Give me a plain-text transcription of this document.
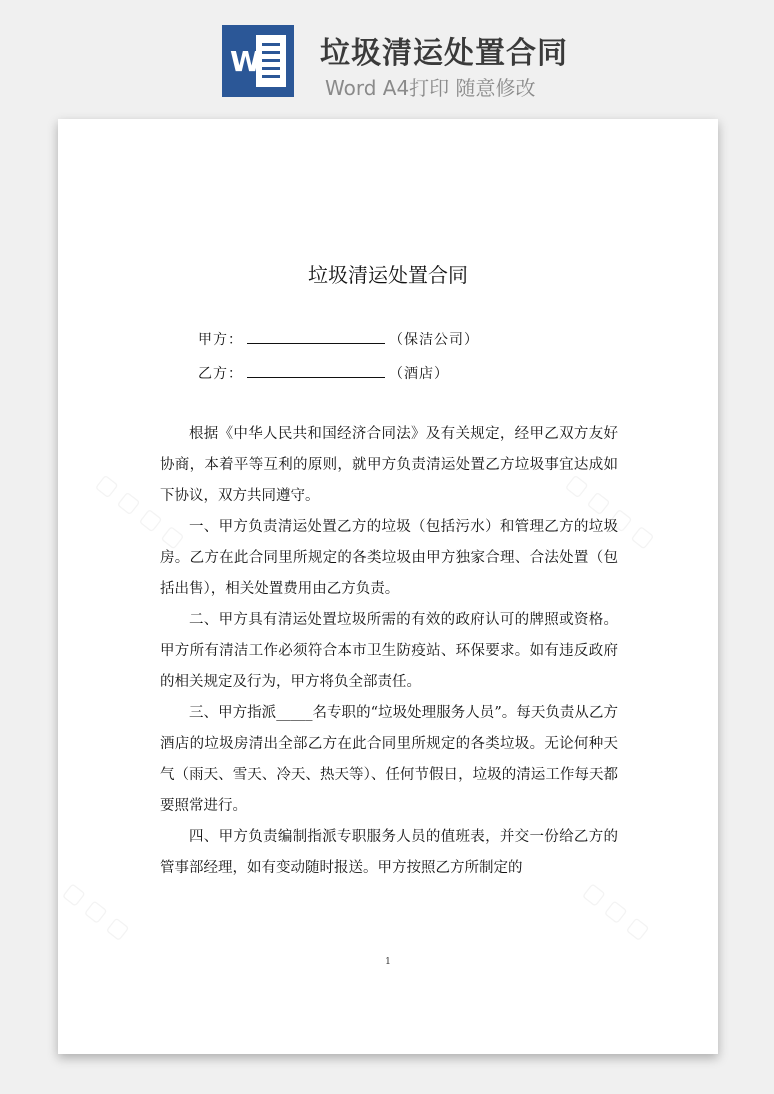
W 垃圾清运处置合同
Word A4打印 随意修改
▢ ▢ ▢ ▢	▢ ▢ ▢ ▢
▢ ▢ ▢	▢ ▢ ▢
垃圾清运处置合同
甲方：	（保洁公司）
乙方：	（酒店）

根据《中华人民共和国经济合同法》及有关规定，经甲乙双方友好协商，本着平等互利的原则，就甲方负责清运处置乙方垃圾事宜达成如下协议，双方共同遵守。

一、甲方负责清运处置乙方的垃圾（包括污水）和管理乙方的垃圾房。乙方在此合同里所规定的各类垃圾由甲方独家合理、合法处置（包括出售），相关处置费用由乙方负责。

二、甲方具有清运处置垃圾所需的有效的政府认可的牌照或资格。甲方所有清洁工作必须符合本市卫生防疫站、环保要求。如有违反政府的相关规定及行为，甲方将负全部责任。

三、甲方指派_____名专职的“垃圾处理服务人员”。每天负责从乙方酒店的垃圾房清出全部乙方在此合同里所规定的各类垃圾。无论何种天气（雨天、雪天、冷天、热天等）、任何节假日，垃圾的清运工作每天都要照常进行。

四、甲方负责编制指派专职服务人员的值班表，并交一份给乙方的管事部经理，如有变动随时报送。甲方按照乙方所制定的

1
